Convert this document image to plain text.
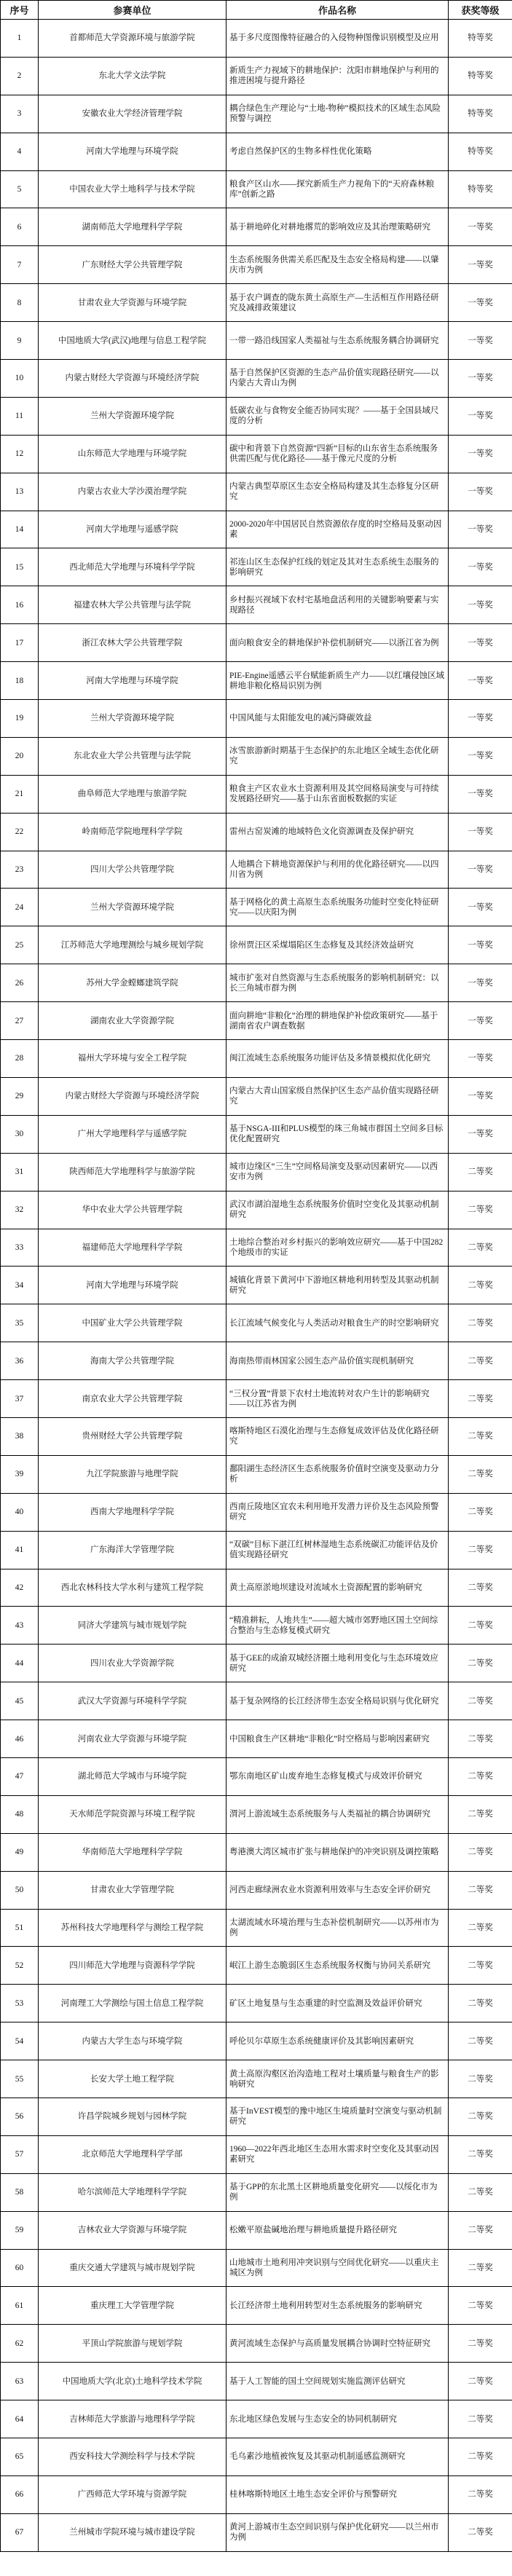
序号	参赛单位	作品名称	获奖等级
1	首都师范大学资源环境与旅游学院	基于多尺度图像特征融合的入侵物种图像识别模型及应用	特等奖
2	东北大学文法学院	新质生产力视域下的耕地保护：沈阳市耕地保护与利用的推进困境与提升路径	特等奖
3	安徽农业大学经济管理学院	耦合绿色生产理论与“土地-物种”模拟技术的区域生态风险预警与调控	特等奖
4	河南大学地理与环境学院	考虑自然保护区的生物多样性优化策略	特等奖
5	中国农业大学土地科学与技术学院	粮食产区山水——探究新质生产力视角下的“天府森林粮库”创新之路	特等奖
6	湖南师范大学地理科学学院	基于耕地碎化对耕地撂荒的影响效应及其治理策略研究	一等奖
7	广东财经大学公共管理学院	生态系统服务供需关系匹配及生态安全格局构建——以肇庆市为例	一等奖
8	甘肃农业大学资源与环境学院	基于农户调查的陇东黄土高原生产—生活相互作用路径研究及减排政策建议	一等奖
9	中国地质大学(武汉)地理与信息工程学院	一带一路沿线国家人类福祉与生态系统服务耦合协调研究	一等奖
10	内蒙古财经大学资源与环境经济学院	基于自然保护区资源的生态产品价值实现路径研究——以内蒙古大青山为例	一等奖
11	兰州大学资源环境学院	低碳农业与食物安全能否协同实现？——基于全国县域尺度的分析	一等奖
12	山东师范大学地理与环境学院	碳中和背景下自然资源“四新”目标的山东省生态系统服务供需匹配与优化路径——基于像元尺度的分析	一等奖
13	内蒙古农业大学沙漠治理学院	内蒙古典型草原区生态安全格局构建及其生态修复分区研究	一等奖
14	河南大学地理与遥感学院	2000-2020年中国居民自然资源依存度的时空格局及驱动因素	一等奖
15	西北师范大学地理与环境科学学院	祁连山区生态保护红线的划定及其对生态系统生态服务的影响研究	一等奖
16	福建农林大学公共管理与法学院	乡村振兴视域下农村宅基地盘活利用的关键影响要素与实现路径	一等奖
17	浙江农林大学公共管理学院	面向粮食安全的耕地保护补偿机制研究——以浙江省为例	一等奖
18	河南大学地理与环境学院	PIE-Engine遥感云平台赋能新质生产力——以红壤侵蚀区域耕地非粮化格局识别为例	一等奖
19	兰州大学资源环境学院	中国风能与太阳能发电的减污降碳效益	一等奖
20	东北农业大学公共管理与法学院	冰雪旅游新时期基于生态保护的东北地区全域生态优化研究	一等奖
21	曲阜师范大学地理与旅游学院	粮食主产区农业水土资源利用及其空间格局演变与可持续发展路径研究——基于山东省面板数据的实证	一等奖
22	岭南师范学院地理科学学院	雷州古窑炭滩的地域特色文化资源调查及保护研究	一等奖
23	四川大学公共管理学院	人地耦合下耕地资源保护与利用的优化路径研究——以四川省为例	一等奖
24	兰州大学资源环境学院	基于网格化的黄土高原生态系统服务功能时空变化特征研究——以庆阳为例	一等奖
25	江苏师范大学地理测绘与城乡规划学院	徐州贾汪区采煤塌陷区生态修复及其经济效益研究	一等奖
26	苏州大学金螳螂建筑学院	城市扩张对自然资源与生态系统服务的影响机制研究：以长三角城市群为例	一等奖
27	湖南农业大学资源学院	面向耕地“非粮化”治理的耕地保护补偿政策研究——基于湖南省农户调查数据	一等奖
28	福州大学环境与安全工程学院	闽江流域生态系统服务功能评估及多情景模拟优化研究	一等奖
29	内蒙古财经大学资源与环境经济学院	内蒙古大青山国家级自然保护区生态产品价值实现路径研究	一等奖
30	广州大学地理科学与遥感学院	基于NSGA-III和PLUS模型的珠三角城市群国土空间多目标优化配置研究	一等奖
31	陕西师范大学地理科学与旅游学院	城市边缘区“三生”空间格局演变及驱动因素研究——以西安市为例	二等奖
32	华中农业大学公共管理学院	武汉市湖泊湿地生态系统服务价值时空变化及其驱动机制研究	二等奖
33	福建师范大学地理科学学院	土地综合整治对乡村振兴的影响效应研究——基于中国282个地级市的实证	二等奖
34	河南大学地理与环境学院	城镇化背景下黄河中下游地区耕地利用转型及其驱动机制研究	二等奖
35	中国矿业大学公共管理学院	长江流域气候变化与人类活动对粮食生产的时空影响研究	二等奖
36	海南大学公共管理学院	海南热带雨林国家公园生态产品价值实现机制研究	二等奖
37	南京农业大学公共管理学院	“三权分置”背景下农村土地流转对农户生计的影响研究——以江苏省为例	二等奖
38	贵州财经大学公共管理学院	喀斯特地区石漠化治理与生态修复成效评估及优化路径研究	二等奖
39	九江学院旅游与地理学院	鄱阳湖生态经济区生态系统服务价值时空演变及驱动力分析	二等奖
40	西南大学地理科学学院	西南丘陵地区宜农未利用地开发潜力评价及生态风险预警研究	二等奖
41	广东海洋大学管理学院	“双碳”目标下湛江红树林湿地生态系统碳汇功能评估及价值实现路径研究	二等奖
42	西北农林科技大学水利与建筑工程学院	黄土高原淤地坝建设对流域水土资源配置的影响研究	二等奖
43	同济大学建筑与城市规划学院	“精准耕耘，人地共生”——超大城市郊野地区国土空间综合整治与生态修复模式研究	二等奖
44	四川农业大学资源学院	基于GEE的成渝双城经济圈土地利用变化与生态环境效应研究	二等奖
45	武汉大学资源与环境科学学院	基于复杂网络的长江经济带生态安全格局识别与优化研究	二等奖
46	河南农业大学资源与环境学院	中国粮食生产区耕地“非粮化”时空格局与影响因素研究	二等奖
47	湖北师范大学城市与环境学院	鄂东南地区矿山废弃地生态修复模式与成效评价研究	二等奖
48	天水师范学院资源与环境工程学院	渭河上游流域生态系统服务与人类福祉的耦合协调研究	二等奖
49	华南师范大学地理科学学院	粤港澳大湾区城市扩张与耕地保护的冲突识别及调控策略	二等奖
50	甘肃农业大学管理学院	河西走廊绿洲农业水资源利用效率与生态安全评价研究	二等奖
51	苏州科技大学地理科学与测绘工程学院	太湖流域水环境治理与生态补偿机制研究——以苏州市为例	二等奖
52	四川师范大学地理与资源科学学院	岷江上游生态脆弱区生态系统服务权衡与协同关系研究	二等奖
53	河南理工大学测绘与国土信息工程学院	矿区土地复垦与生态重建的时空监测及效益评价研究	二等奖
54	内蒙古大学生态与环境学院	呼伦贝尔草原生态系统健康评价及其影响因素研究	二等奖
55	长安大学土地工程学院	黄土高原沟壑区治沟造地工程对土壤质量与粮食生产的影响研究	二等奖
56	许昌学院城乡规划与园林学院	基于InVEST模型的豫中地区生境质量时空演变与驱动机制研究	二等奖
57	北京师范大学地理科学学部	1960—2022年西北地区生态用水需求时空变化及其驱动因素研究	二等奖
58	哈尔滨师范大学地理科学学院	基于GPP的东北黑土区耕地质量变化研究——以绥化市为例	二等奖
59	吉林农业大学资源与环境学院	松嫩平原盐碱地治理与耕地质量提升路径研究	二等奖
60	重庆交通大学建筑与城市规划学院	山地城市土地利用冲突识别与空间优化研究——以重庆主城区为例	二等奖
61	重庆理工大学管理学院	长江经济带土地利用转型对生态系统服务的影响研究	二等奖
62	平顶山学院旅游与规划学院	黄河流域生态保护与高质量发展耦合协调时空特征研究	二等奖
63	中国地质大学(北京)土地科学技术学院	基于人工智能的国土空间规划实施监测评估研究	二等奖
64	吉林师范大学旅游与地理科学学院	东北地区绿色发展与生态安全的协同机制研究	二等奖
65	西安科技大学测绘科学与技术学院	毛乌素沙地植被恢复及其驱动机制遥感监测研究	二等奖
66	广西师范大学环境与资源学院	桂林喀斯特地区土地生态安全评价与预警研究	二等奖
67	兰州城市学院环境与城市建设学院	黄河上游城市生态空间识别与保护优化研究——以兰州市为例	二等奖
